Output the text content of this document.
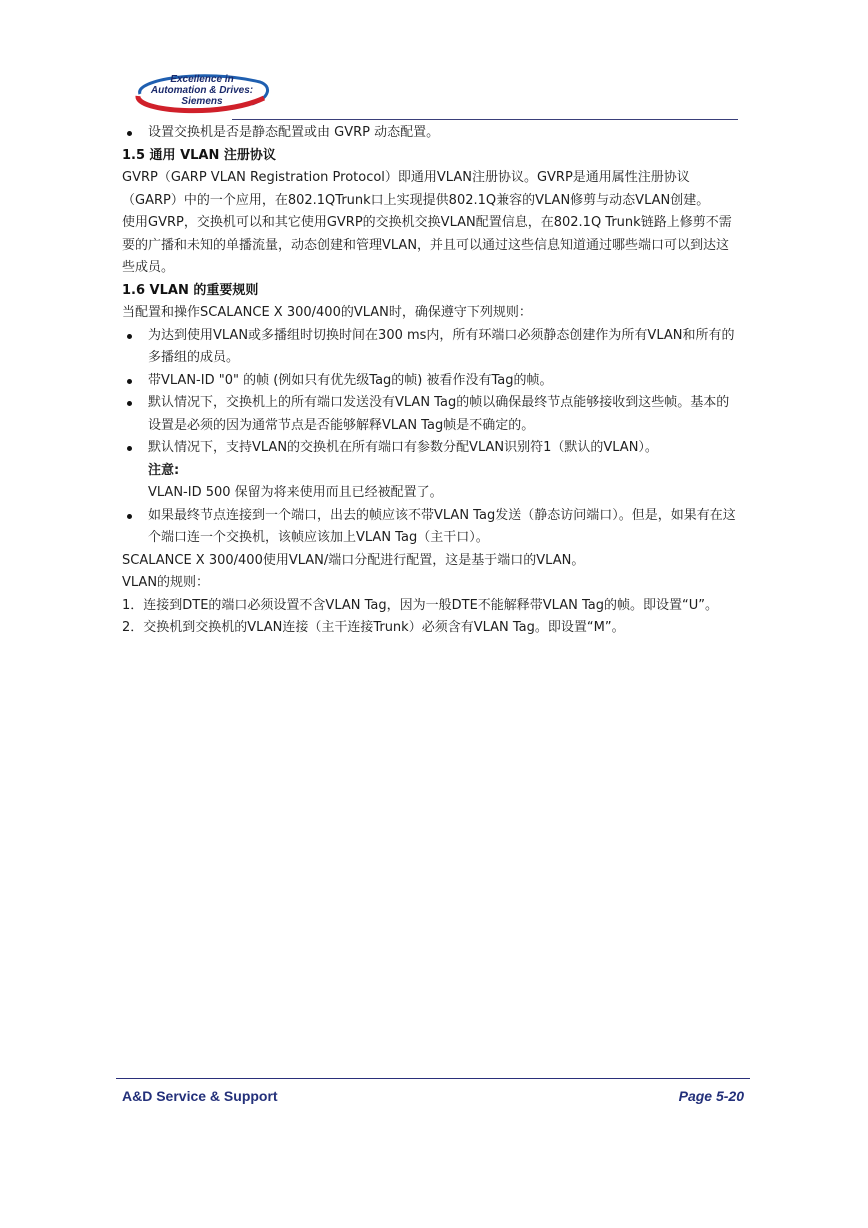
Excellence in
Automation & Drives:
Siemens

设置交换机是否是静态配置或由 GVRP 动态配置。

1.5 通用 VLAN 注册协议

GVRP（GARP VLAN Registration Protocol）即通用VLAN注册协议。GVRP是通用属性注册协议（GARP）中的一个应用，在802.1QTrunk口上实现提供802.1Q兼容的VLAN修剪与动态VLAN创建。

使用GVRP，交换机可以和其它使用GVRP的交换机交换VLAN配置信息，在802.1Q Trunk链路上修剪不需要的广播和未知的单播流量，动态创建和管理VLAN，并且可以通过这些信息知道通过哪些端口可以到达这些成员。

1.6 VLAN 的重要规则

当配置和操作SCALANCE X 300/400的VLAN时，确保遵守下列规则：

为达到使用VLAN或多播组时切换时间在300 ms内，所有环端口必须静态创建作为所有VLAN和所有的多播组的成员。

带VLAN-ID "0" 的帧 (例如只有优先级Tag的帧) 被看作没有Tag的帧。

默认情况下，交换机上的所有端口发送没有VLAN Tag的帧以确保最终节点能够接收到这些帧。基本的设置是必须的因为通常节点是否能够解释VLAN Tag帧是不确定的。

默认情况下，支持VLAN的交换机在所有端口有参数分配VLAN识别符1（默认的VLAN）。

注意:

VLAN-ID 500 保留为将来使用而且已经被配置了。

如果最终节点连接到一个端口，出去的帧应该不带VLAN Tag发送（静态访问端口）。但是，如果有在这个端口连一个交换机，该帧应该加上VLAN Tag（主干口）。

SCALANCE X 300/400使用VLAN/端口分配进行配置，这是基于端口的VLAN。

VLAN的规则：

1．连接到DTE的端口必须设置不含VLAN Tag，因为一般DTE不能解释带VLAN Tag的帧。即设置“U”。

2．交换机到交换机的VLAN连接（主干连接Trunk）必须含有VLAN Tag。即设置“M”。

A&D Service & Support	Page 5-20
